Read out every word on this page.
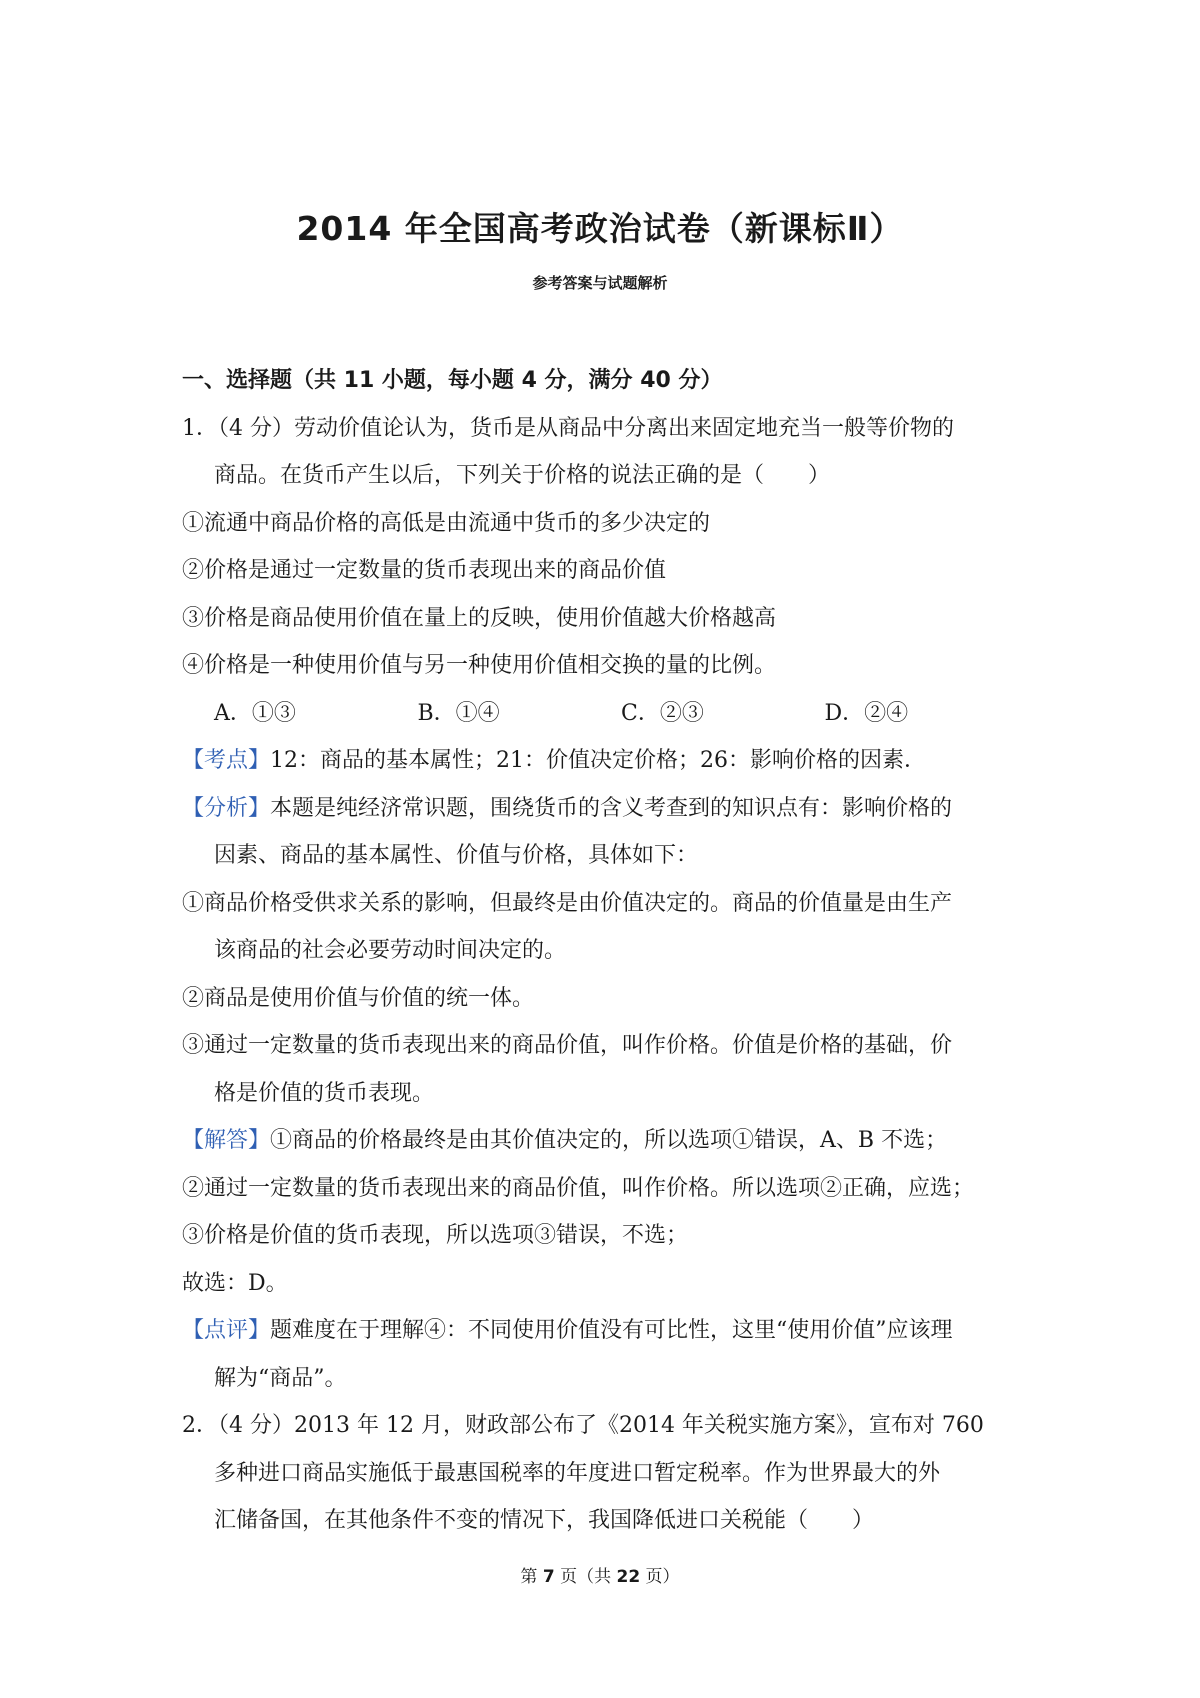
2014 年全国高考政治试卷（新课标Ⅱ）
参考答案与试题解析

一、选择题（共 11 小题，每小题 4 分，满分 40 分）

1．（4 分）劳动价值论认为，货币是从商品中分离出来固定地充当一般等价物的

商品。在货币产生以后，下列关于价格的说法正确的是（　　）

①流通中商品价格的高低是由流通中货币的多少决定的

②价格是通过一定数量的货币表现出来的商品价值

③价格是商品使用价值在量上的反映，使用价值越大价格越高

④价格是一种使用价值与另一种使用价值相交换的量的比例。

A．①③	B．①④	C．②③	D．②④

【考点】12：商品的基本属性；21：价值决定价格；26：影响价格的因素．

【分析】本题是纯经济常识题，围绕货币的含义考查到的知识点有：影响价格的

因素、商品的基本属性、价值与价格，具体如下：

①商品价格受供求关系的影响，但最终是由价值决定的。商品的价值量是由生产

该商品的社会必要劳动时间决定的。

②商品是使用价值与价值的统一体。

③通过一定数量的货币表现出来的商品价值，叫作价格。价值是价格的基础，价

格是价值的货币表现。

【解答】①商品的价格最终是由其价值决定的，所以选项①错误，A、B 不选；

②通过一定数量的货币表现出来的商品价值，叫作价格。所以选项②正确，应选；

③价格是价值的货币表现，所以选项③错误，不选；

故选：D。

【点评】题难度在于理解④：不同使用价值没有可比性，这里“使用价值”应该理

解为“商品”。

2．（4 分）2013 年 12 月，财政部公布了《2014 年关税实施方案》，宣布对 760

多种进口商品实施低于最惠国税率的年度进口暂定税率。作为世界最大的外

汇储备国，在其他条件不变的情况下，我国降低进口关税能（　　）

第 7 页（共 22 页）
